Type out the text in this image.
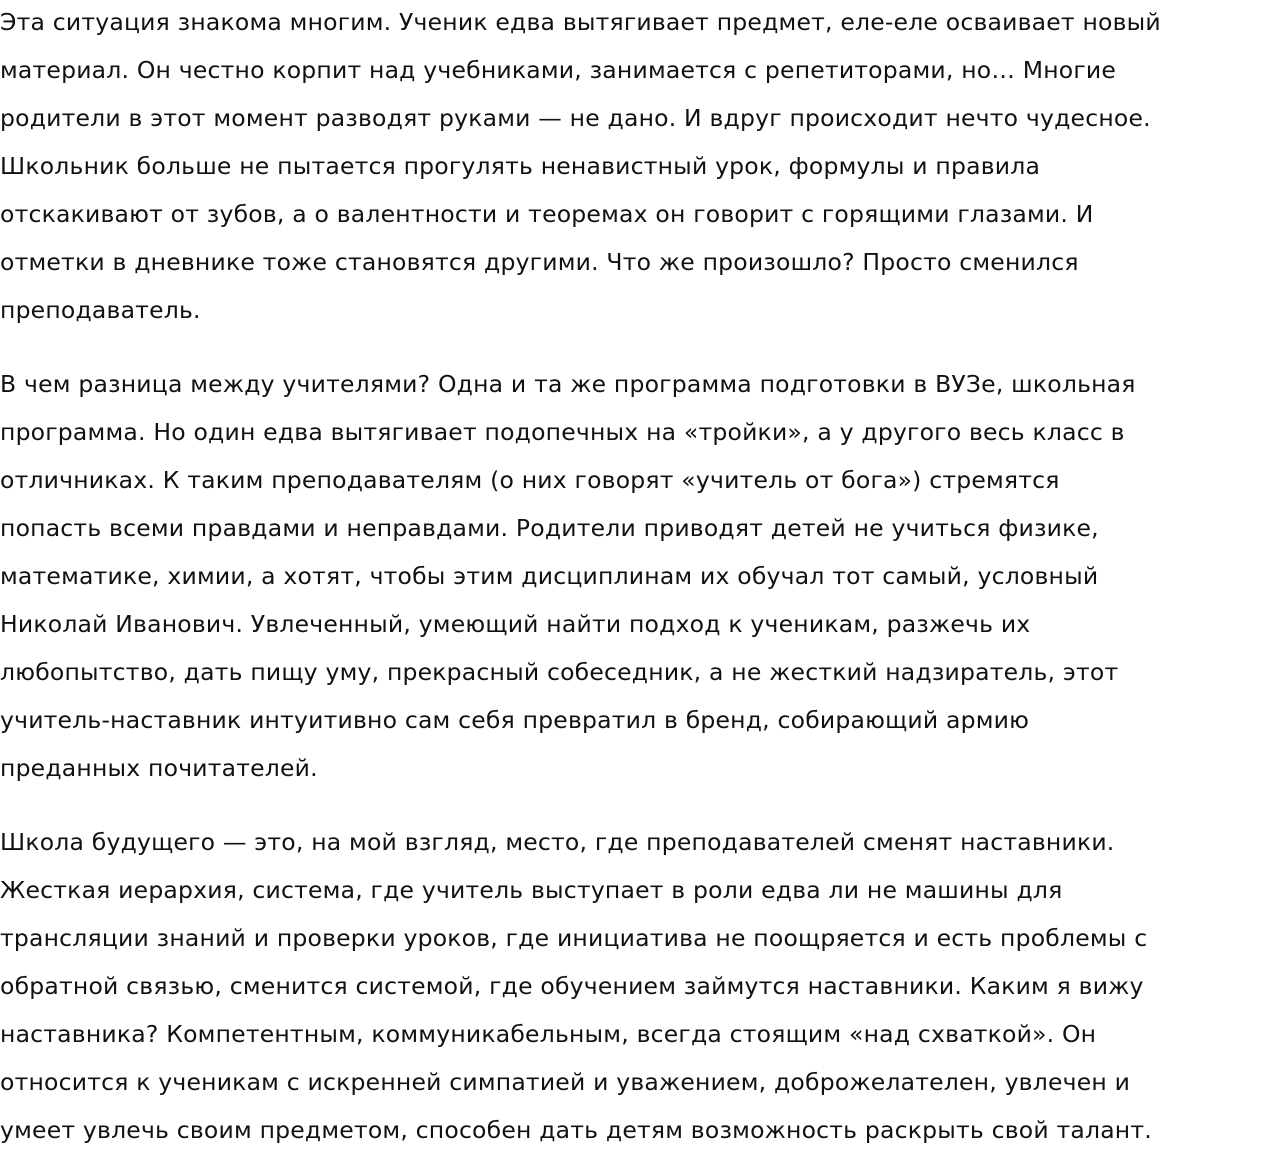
Эта ситуация знакома многим. Ученик едва вытягивает предмет, еле-еле осваивает новый
материал. Он честно корпит над учебниками, занимается с репетиторами, но… Многие
родители в этот момент разводят руками — не дано. И вдруг происходит нечто чудесное.
Школьник больше не пытается прогулять ненавистный урок, формулы и правила
отскакивают от зубов, а о валентности и теоремах он говорит с горящими глазами. И
отметки в дневнике тоже становятся другими. Что же произошло? Просто сменился
преподаватель.

В чем разница между учителями? Одна и та же программа подготовки в ВУЗе, школьная
программа. Но один едва вытягивает подопечных на «тройки», а у другого весь класс в
отличниках. К таким преподавателям (о них говорят «учитель от бога») стремятся
попасть всеми правдами и неправдами. Родители приводят детей не учиться физике,
математике, химии, а хотят, чтобы этим дисциплинам их обучал тот самый, условный
Николай Иванович. Увлеченный, умеющий найти подход к ученикам, разжечь их
любопытство, дать пищу уму, прекрасный собеседник, а не жесткий надзиратель, этот
учитель-наставник интуитивно сам себя превратил в бренд, собирающий армию
преданных почитателей.

Школа будущего — это, на мой взгляд, место, где преподавателей сменят наставники.
Жесткая иерархия, система, где учитель выступает в роли едва ли не машины для
трансляции знаний и проверки уроков, где инициатива не поощряется и есть проблемы с
обратной связью, сменится системой, где обучением займутся наставники. Каким я вижу
наставника? Компетентным, коммуникабельным, всегда стоящим «над схваткой». Он
относится к ученикам с искренней симпатией и уважением, доброжелателен, увлечен и
умеет увлечь своим предметом, способен дать детям возможность раскрыть свой талант.
